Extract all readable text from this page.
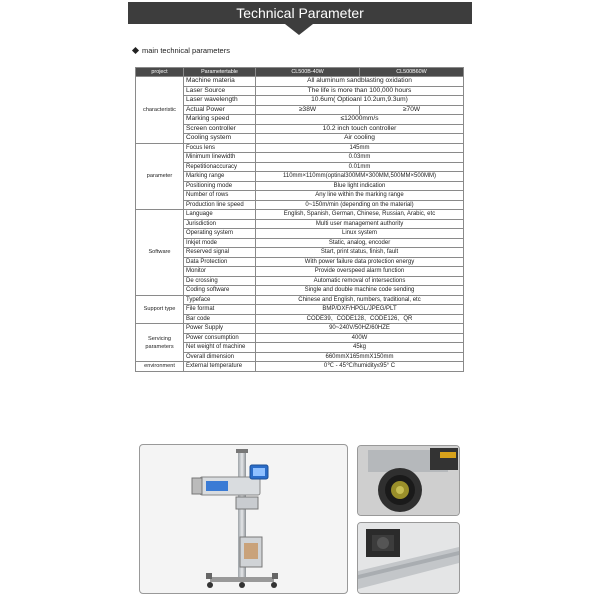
Technical Parameter
main technical parameters
project	Parametertable	CL500B-40W	CL500B60W
characteristic	Machine materia	All aluminum sandblasting oxidation	
	Laser Source	The life is more than 100,000 hours	
	Laser wavelength	10.6um( Optioanl 10.2um,9.3um)	
	Actual Power	≥38W	≥70W
	Marking speed	≤12000mm/s	
	Screen controller	10.2 inch touch controller	
	Cooling system	Air cooling	
parameter	Focus lens	145mm	
	Minimum linewidth	0.03mm	
	Repetitionaccuracy	0.01mm	
	Marking range	110mm×110mm(optinal300MM×300MM,500MM×500MM)	
	Positioning mode	Blue light indication	
	Number of rows	Any line within the marking range	
	Production line speed	0~150m/min (depending on the material)	
Software	Language	English, Spanish, German, Chinese, Russian, Arabic, etc	
	Jurisdiction	Multi user management authority	
	Operating system	Linux system	
	Inkjet mode	Static, analog, encoder	
	Reserved signal	Start, print status, finish, fault	
	Data Protection	With power failure data protection energy	
	Monitor	Provide overspeed alarm function	
	De crossing	Automatic removal of intersections	
	Coding software	Single and double machine code sending	
Support type	Typeface	Chinese and English, numbers, traditional, etc	
	File format	BMP/DXF/HPGL/JPEG/PLT	
	Bar code	CODE39、CODE128、CODE126、QR	
Servicing parameters	Power Supply	90~240V/50HZ/60HZE	
	Power consumption	400W	
	Net weight of machine	45kg	
	Overall dimension	660mmX165mmX150mm	
environment	External temperature	0℃ - 45℃/humidity≤95° C	
